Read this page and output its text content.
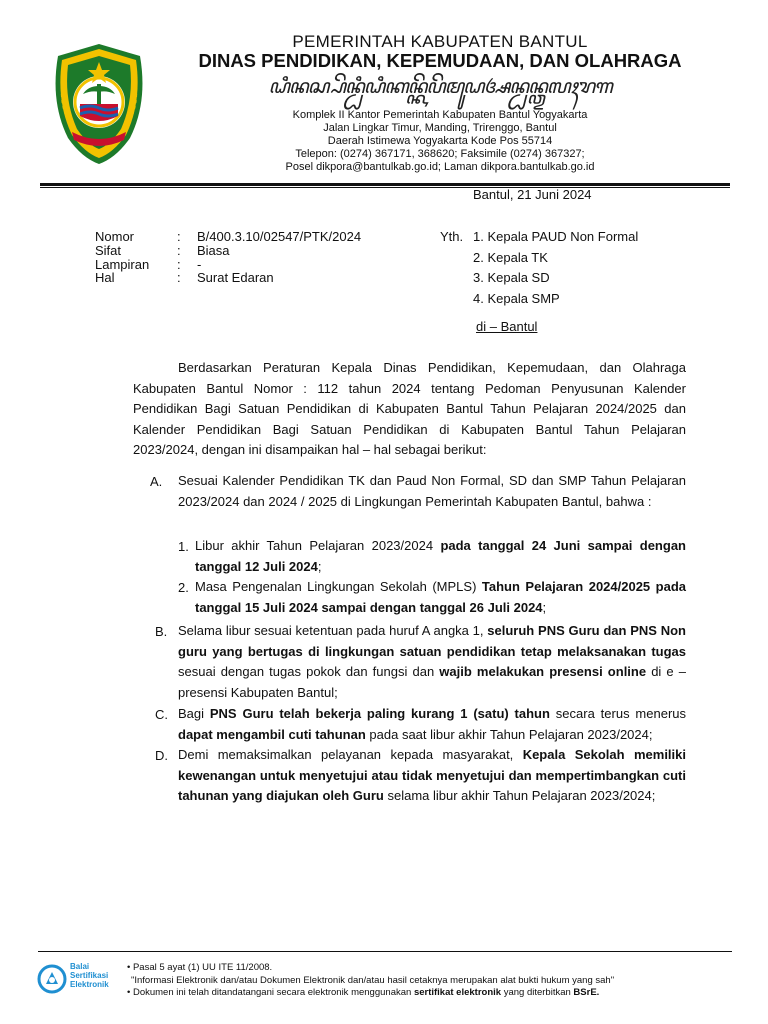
PEMERINTAH KABUPATEN BANTUL
DINAS PENDIDIKAN, KEPEMUDAAN, DAN OLAHRAGA
ꦝꦶꦤꦱ꧀ꦥꦼꦤ꧀ꦝꦶꦝꦶꦏꦤ꧀ꦏꦼꦥꦼꦩꦸꦝꦄꦤ꧀ꦝꦤ꧀ꦎꦭꦃꦫꦒ
Komplek II Kantor Pemerintah Kabupaten Bantul Yogyakarta
Jalan Lingkar Timur, Manding, Trirenggo, Bantul
Daerah Istimewa Yogyakarta Kode Pos 55714
Telepon: (0274) 367171, 368620; Faksimile (0274) 367327;
Posel dikpora@bantulkab.go.id; Laman dikpora.bantulkab.go.id
Bantul, 21 Juni 2024
Nomor	: B/400.3.10/02547/PTK/2024
Sifat	: Biasa
Lampiran : -
Hal	: Surat Edaran
Yth. 1. Kepala PAUD Non Formal
2. Kepala TK
3. Kepala SD
4. Kepala SMP
di – Bantul
Berdasarkan Peraturan Kepala Dinas Pendidikan, Kepemudaan, dan Olahraga
Kabupaten Bantul Nomor : 112 tahun 2024 tentang Pedoman Penyusunan Kalender
Pendidikan Bagi Satuan Pendidikan di Kabupaten Bantul Tahun Pelajaran 2024/2025 dan
Kalender Pendidikan Bagi Satuan Pendidikan di Kabupaten Bantul Tahun Pelajaran
2023/2024, dengan ini disampaikan hal – hal sebagai berikut:
A. Sesuai Kalender Pendidikan TK dan Paud Non Formal, SD dan SMP Tahun Pelajaran 2023/2024 dan 2024 / 2025 di Lingkungan Pemerintah Kabupaten Bantul, bahwa :
1. Libur akhir Tahun Pelajaran 2023/2024 pada tanggal 24 Juni sampai dengan tanggal 12 Juli 2024;
2. Masa Pengenalan Lingkungan Sekolah (MPLS) Tahun Pelajaran 2024/2025 pada tanggal 15 Juli 2024 sampai dengan tanggal 26 Juli 2024;
B. Selama libur sesuai ketentuan pada huruf A angka 1, seluruh PNS Guru dan PNS Non guru yang bertugas di lingkungan satuan pendidikan tetap melaksanakan tugas sesuai dengan tugas pokok dan fungsi dan wajib melakukan presensi online di e – presensi Kabupaten Bantul;
C. Bagi PNS Guru telah bekerja paling kurang 1 (satu) tahun secara terus menerus dapat mengambil cuti tahunan pada saat libur akhir Tahun Pelajaran 2023/2024;
D. Demi memaksimalkan pelayanan kepada masyarakat, Kepala Sekolah memiliki kewenangan untuk menyetujui atau tidak menyetujui dan mempertimbangkan cuti tahunan yang diajukan oleh Guru selama libur akhir Tahun Pelajaran 2023/2024;
Balai
Sertifikasi
Elektronik
• Pasal 5 ayat (1) UU ITE 11/2008.
"Informasi Elektronik dan/atau Dokumen Elektronik dan/atau hasil cetaknya merupakan alat bukti hukum yang sah"
• Dokumen ini telah ditandatangani secara elektronik menggunakan sertifikat elektronik yang diterbitkan BSrE.
